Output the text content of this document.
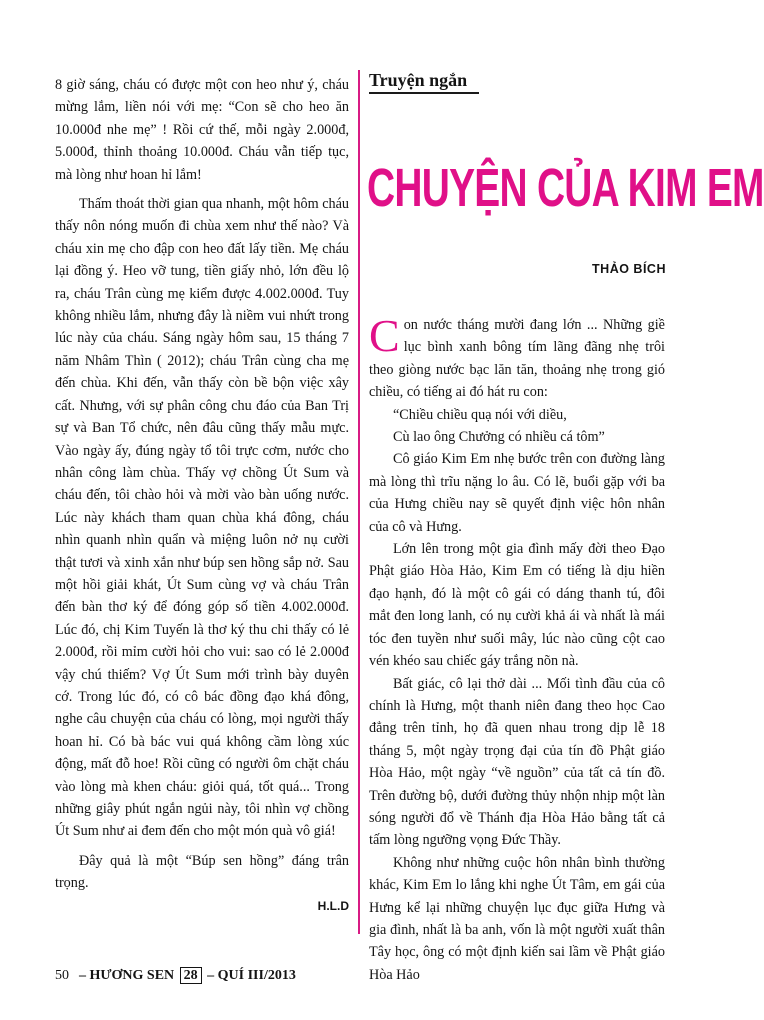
8 giờ sáng, cháu có được một con heo như ý, cháu mừng lắm, liền nói với mẹ: “Con sẽ cho heo ăn 10.000đ nhe mẹ” ! Rồi cứ thế, mỗi ngày 2.000đ, 5.000đ, thỉnh thoảng 10.000đ. Cháu vẫn tiếp tục, mà lòng như hoan hỉ lắm!

Thấm thoát thời gian qua nhanh, một hôm cháu thấy nôn nóng muốn đi chùa xem như thế nào? Và cháu xin mẹ cho đập con heo đất lấy tiền. Mẹ cháu lại đồng ý. Heo vỡ tung, tiền giấy nhỏ, lớn đều lộ ra, cháu Trân cùng mẹ kiểm được 4.002.000đ. Tuy không nhiều lắm, nhưng đây là niềm vui nhứt trong lúc này của cháu. Sáng ngày hôm sau, 15 tháng 7 năm Nhâm Thìn ( 2012); cháu Trân cùng cha mẹ đến chùa. Khi đến, vẫn thấy còn bề bộn việc xây cất. Nhưng, với sự phân công chu đáo của Ban Trị sự và Ban Tổ chức, nên đâu cũng thấy mẫu mực. Vào ngày ấy, đúng ngày tổ tôi trực cơm, nước cho nhân công làm chùa. Thấy vợ chồng Út Sum và cháu đến, tôi chào hỏi và mời vào bàn uống nước. Lúc này khách tham quan chùa khá đông, cháu nhìn quanh nhìn quẩn và miệng luôn nở nụ cười thật tươi và xinh xắn như búp sen hồng sắp nở. Sau một hồi giải khát, Út Sum cùng vợ và cháu Trân đến bàn thơ ký để đóng góp số tiền 4.002.000đ. Lúc đó, chị Kim Tuyến là thơ ký thu chi thấy có lẻ 2.000đ, rồi mỉm cười hỏi cho vui: sao có lẻ 2.000đ vậy chú thiếm? Vợ Út Sum mới trình bày duyên cớ. Trong lúc đó, có cô bác đồng đạo khá đông, nghe câu chuyện của cháu có lòng, mọi người thấy hoan hỉ. Có bà bác vui quá không cầm lòng xúc động, mất đỗ hoe! Rồi cũng có người ôm chặt cháu vào lòng mà khen cháu: giỏi quá, tốt quá... Trong những giây phút ngắn ngủi này, tôi nhìn vợ chồng Út Sum như ai đem đến cho một món quà vô giá!

Đây quả là một “Búp sen hồng” đáng trân trọng.

H.L.D

Truyện ngắn
CHUYỆN CỦA KIM EM
THẢO BÍCH

Con nước tháng mười đang lớn ... Những giề lục bình xanh bông tím lãng đãng nhẹ trôi theo giòng nước bạc lăn tăn, thoảng nhẹ trong gió chiều, có tiếng ai đó hát ru con:

“Chiều chiều quạ nói với diều,

Cù lao ông Chưởng có nhiều cá tôm”

Cô giáo Kim Em nhẹ bước trên con đường làng mà lòng thì trĩu nặng lo âu. Có lẽ, buổi gặp với ba của Hưng chiều nay sẽ quyết định việc hôn nhân của cô và Hưng.

Lớn lên trong một gia đình mấy đời theo Đạo Phật giáo Hòa Hảo, Kim Em có tiếng là dịu hiền đạo hạnh, đó là một cô gái có dáng thanh tú, đôi mắt đen long lanh, có nụ cười khả ái và nhất là mái tóc đen tuyền như suối mây, lúc nào cũng cột cao vén khéo sau chiếc gáy trắng nõn nà.

Bất giác, cô lại thở dài ... Mối tình đầu của cô chính là Hưng, một thanh niên đang theo học Cao đẳng trên tỉnh, họ đã quen nhau trong dịp lễ 18 tháng 5, một ngày trọng đại của tín đồ Phật giáo Hòa Hảo, một ngày “về nguồn” của tất cả tín đồ. Trên đường bộ, dưới đường thủy nhộn nhịp một làn sóng người đổ về Thánh địa Hòa Hảo bằng tất cả tấm lòng ngưỡng vọng Đức Thầy.

Không như những cuộc hôn nhân bình thường khác, Kim Em lo lắng khi nghe Út Tâm, em gái của Hưng kể lại những chuyện lục đục giữa Hưng và gia đình, nhất là ba anh, vốn là một người xuất thân Tây học, ông có một định kiến sai lầm về Phật giáo Hòa Hảo

50 – HƯƠNG SEN 28 – QUÍ III/2013
